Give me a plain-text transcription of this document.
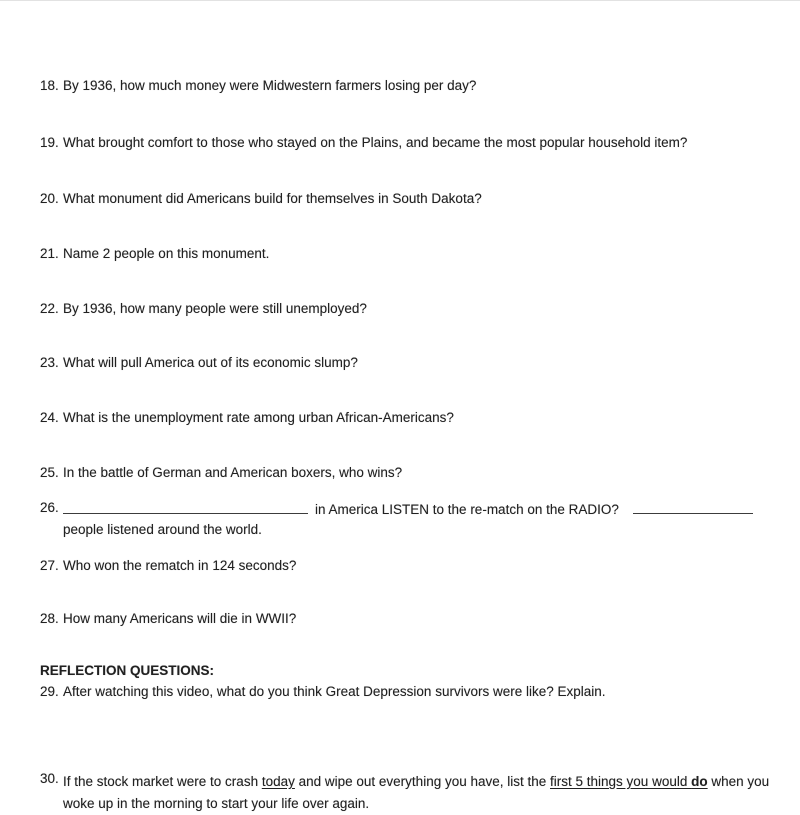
18. By 1936, how much money were Midwestern farmers losing per day?
19. What brought comfort to those who stayed on the Plains, and became the most popular household item?
20. What monument did Americans build for themselves in South Dakota?
21. Name 2 people on this monument.
22. By 1936, how many people were still unemployed?
23. What will pull America out of its economic slump?
24. What is the unemployment rate among urban African-Americans?
25. In the battle of German and American boxers, who wins?
26.	in America LISTEN to the re-match on the RADIO?
people listened around the world.
27. Who won the rematch in 124 seconds?
28. How many Americans will die in WWII?
REFLECTION QUESTIONS:
29. After watching this video, what do you think Great Depression survivors were like? Explain.
30. If the stock market were to crash today and wipe out everything you have, list the first 5 things you would do when you
woke up in the morning to start your life over again.
